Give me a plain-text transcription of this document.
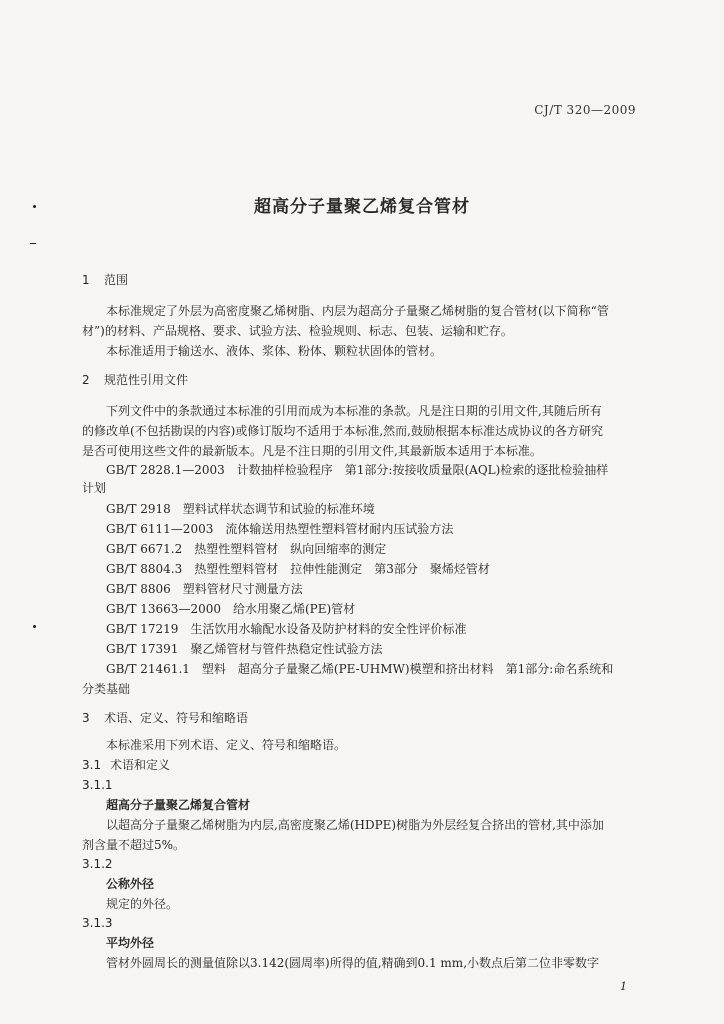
CJ/T 320—2009
超高分子量聚乙烯复合管材
1 范围
本标准规定了外层为高密度聚乙烯树脂、内层为超高分子量聚乙烯树脂的复合管材(以下简称“管
材”)的材料、产品规格、要求、试验方法、检验规则、标志、包装、运输和贮存。
本标准适用于输送水、液体、浆体、粉体、颗粒状固体的管材。
2 规范性引用文件
下列文件中的条款通过本标准的引用而成为本标准的条款。凡是注日期的引用文件,其随后所有
的修改单(不包括勘误的内容)或修订版均不适用于本标准,然而,鼓励根据本标准达成协议的各方研究
是否可使用这些文件的最新版本。凡是不注日期的引用文件,其最新版本适用于本标准。
GB/T 2828.1—2003　计数抽样检验程序　第1部分:按接收质量限(AQL)检索的逐批检验抽样
计划
GB/T 2918　塑料试样状态调节和试验的标准环境
GB/T 6111—2003　流体输送用热塑性塑料管材耐内压试验方法
GB/T 6671.2　热塑性塑料管材　纵向回缩率的测定
GB/T 8804.3　热塑性塑料管材　拉伸性能测定　第3部分　聚烯烃管材
GB/T 8806　塑料管材尺寸测量方法
GB/T 13663—2000　给水用聚乙烯(PE)管材
GB/T 17219　生活饮用水输配水设备及防护材料的安全性评价标准
GB/T 17391　聚乙烯管材与管件热稳定性试验方法
GB/T 21461.1　塑料　超高分子量聚乙烯(PE-UHMW)模塑和挤出材料　第1部分:命名系统和
分类基础
3 术语、定义、符号和缩略语
本标准采用下列术语、定义、符号和缩略语。
3.1 术语和定义
3.1.1
超高分子量聚乙烯复合管材
以超高分子量聚乙烯树脂为内层,高密度聚乙烯(HDPE)树脂为外层经复合挤出的管材,其中添加
剂含量不超过5%。
3.1.2
公称外径
规定的外径。
3.1.3
平均外径
管材外圆周长的测量值除以3.142(圆周率)所得的值,精确到0.1 mm,小数点后第二位非零数字
1
